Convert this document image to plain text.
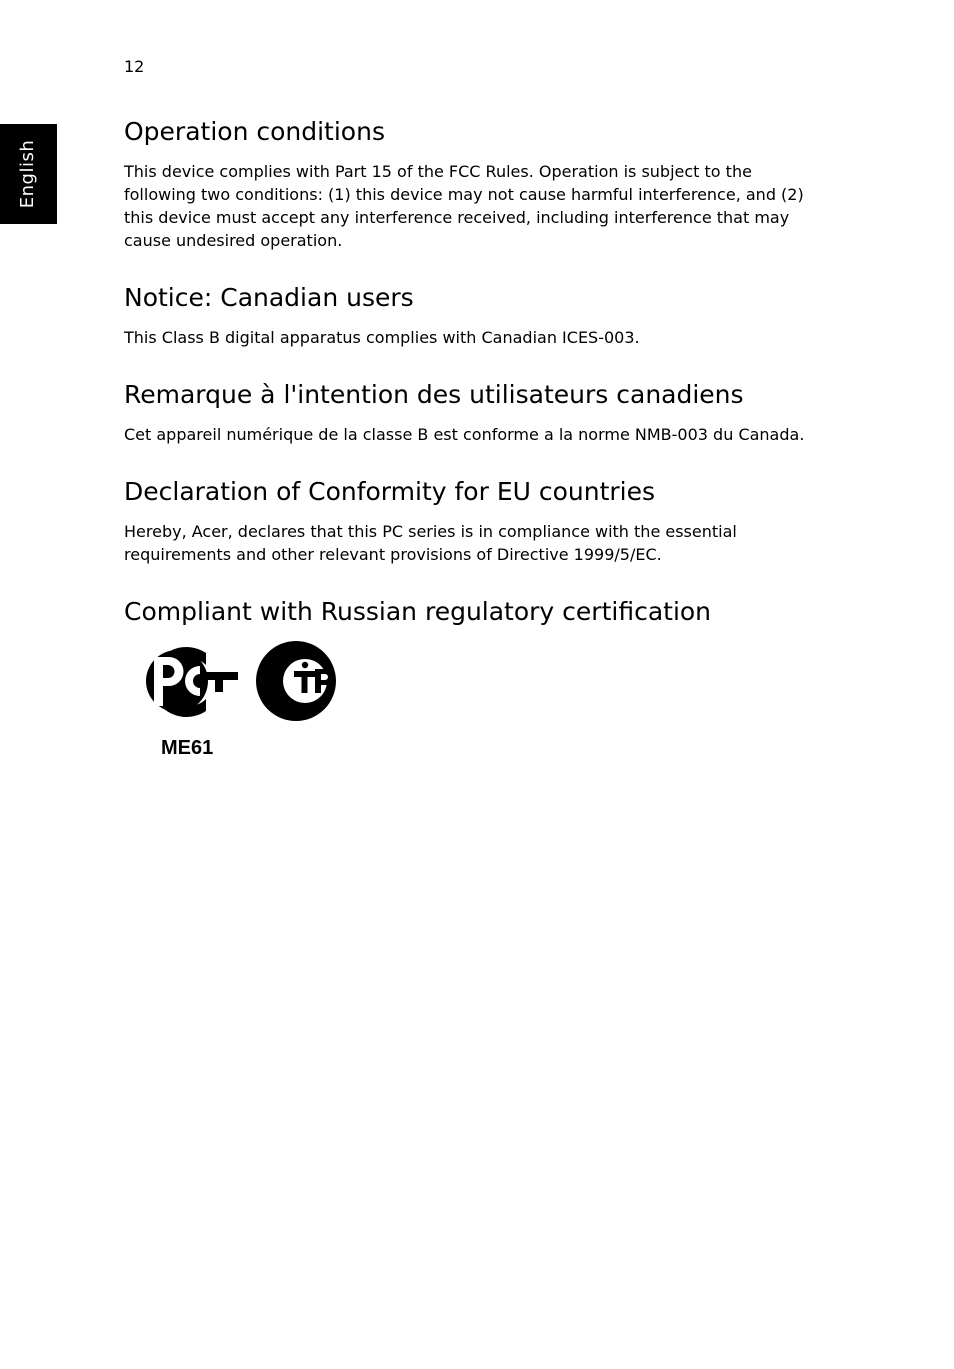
12
English
Operation conditions

This device complies with Part 15 of the FCC Rules. Operation is subject to the following two conditions: (1) this device may not cause harmful interference, and (2) this device must accept any interference received, including interference that may cause undesired operation.

Notice: Canadian users

This Class B digital apparatus complies with Canadian ICES-003.

Remarque à l'intention des utilisateurs canadiens

Cet appareil numérique de la classe B est conforme a la norme NMB-003 du Canada.

Declaration of Conformity for EU countries

Hereby, Acer, declares that this PC series is in compliance with the essential requirements and other relevant provisions of Directive 1999/5/EC.

Compliant with Russian regulatory certification
ME61
